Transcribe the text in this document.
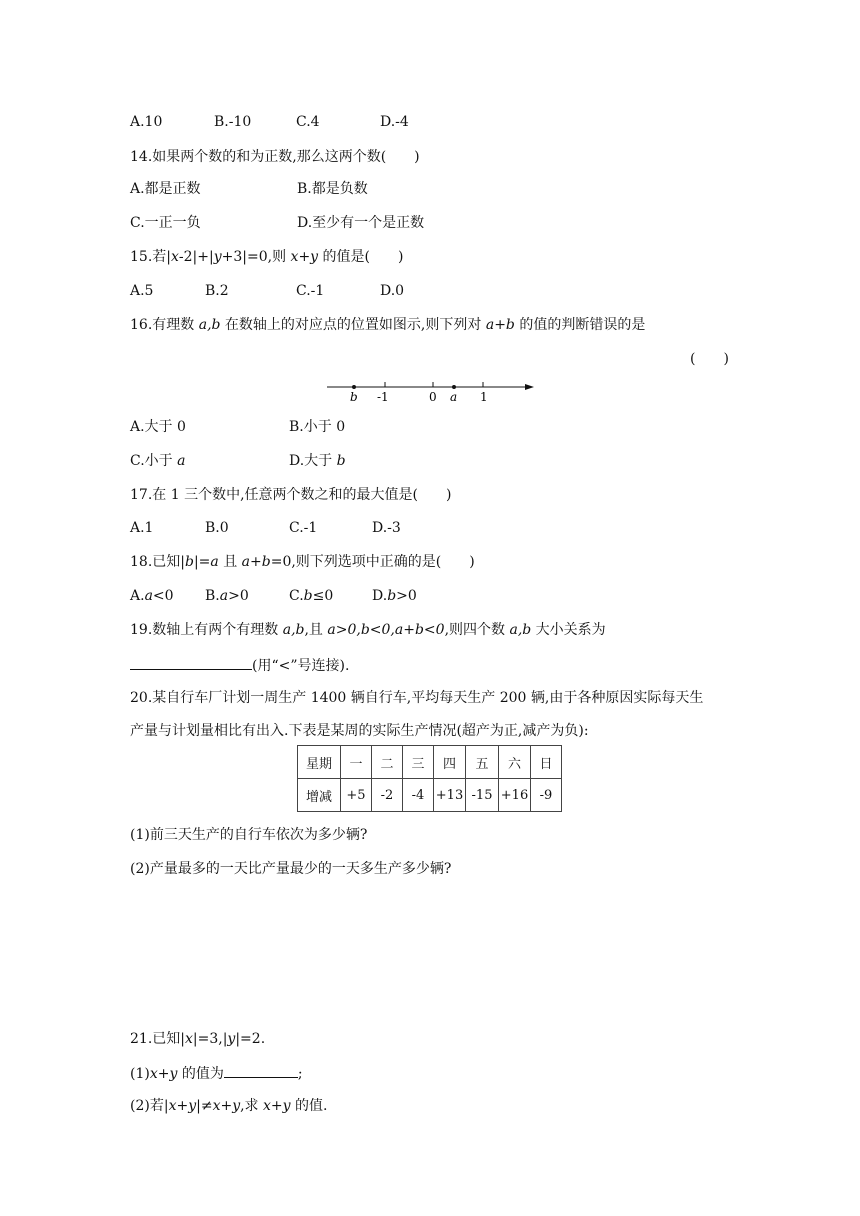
A.10	B.-10	C.4	D.-4
14.如果两个数的和为正数,那么这两个数(　　)
A.都是正数	B.都是负数
C.一正一负	D.至少有一个是正数
15.若|x-2|+|y+3|=0,则 x+y 的值是(　　)
A.5	B.2	C.-1	D.0
16.有理数 a,b 在数轴上的对应点的位置如图示,则下列对 a+b 的值的判断错误的是
(　　)
b -1	0 a 1
A.大于 0	B.小于 0
C.小于 a	D.大于 b
17.在 1 三个数中,任意两个数之和的最大值是(　　)
A.1	B.0	C.-1	D.-3
18.已知|b|=a 且 a+b=0,则下列选项中正确的是(　　)
A.a<0 B.a>0	C.b≤0	D.b>0
19.数轴上有两个有理数 a,b,且 a>0,b<0,a+b<0,则四个数 a,b 大小关系为
(用“<”号连接).
20.某自行车厂计划一周生产 1400 辆自行车,平均每天生产 200 辆,由于各种原因实际每天生
产量与计划量相比有出入.下表是某周的实际生产情况(超产为正,减产为负):
星期	一	二	三	四	五	六	日
增减	+5	-2	-4	+13	-15	+16	-9
(1)前三天生产的自行车依次为多少辆?
(2)产量最多的一天比产量最少的一天多生产多少辆?
21.已知|x|=3,|y|=2.
(1)x+y 的值为	;
(2)若|x+y|≠x+y,求 x+y 的值.
